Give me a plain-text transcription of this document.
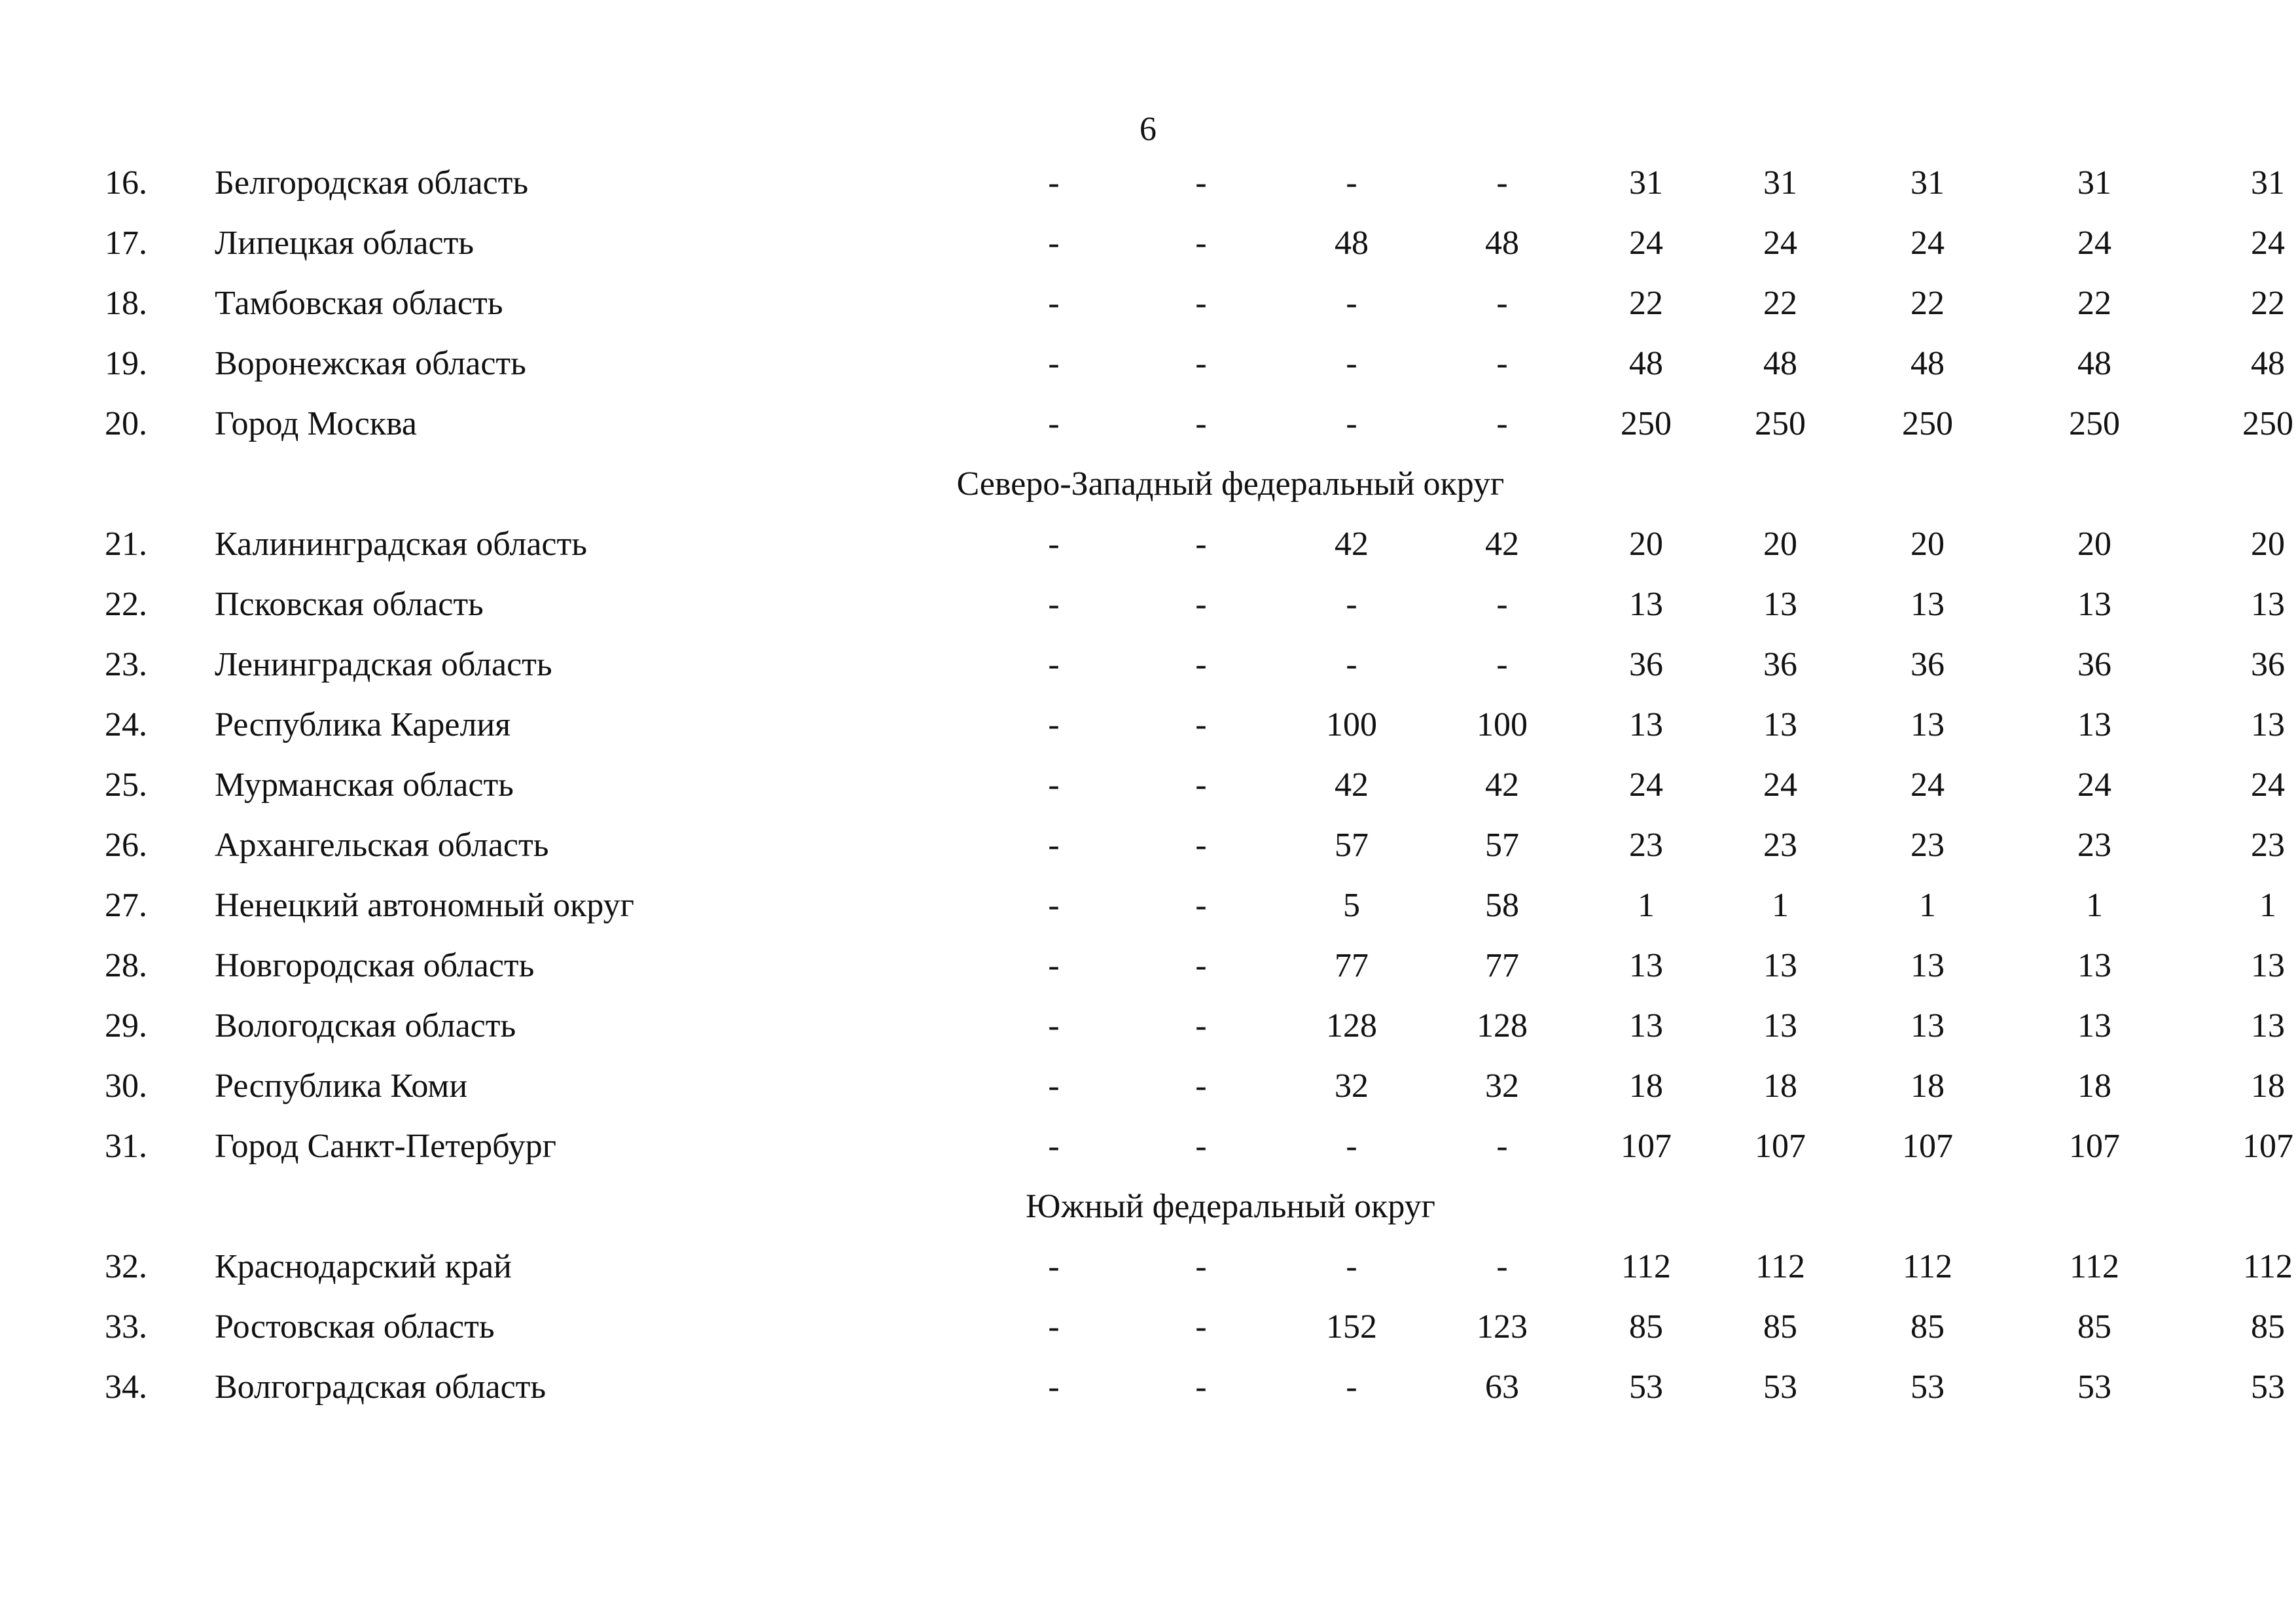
6
16.	Белгородская область	-	-	-	-	31	31	31	31	31
17.	Липецкая область	-	-	48	48	24	24	24	24	24
18.	Тамбовская область	-	-	-	-	22	22	22	22	22
19.	Воронежская область	-	-	-	-	48	48	48	48	48
20.	Город Москва	-	-	-	-	250	250	250	250	250
Северо-Западный федеральный округ										
21.	Калининградская область	-	-	42	42	20	20	20	20	20
22.	Псковская область	-	-	-	-	13	13	13	13	13
23.	Ленинградская область	-	-	-	-	36	36	36	36	36
24.	Республика Карелия	-	-	100	100	13	13	13	13	13
25.	Мурманская область	-	-	42	42	24	24	24	24	24
26.	Архангельская область	-	-	57	57	23	23	23	23	23
27.	Ненецкий автономный округ	-	-	5	58	1	1	1	1	1
28.	Новгородская область	-	-	77	77	13	13	13	13	13
29.	Вологодская область	-	-	128	128	13	13	13	13	13
30.	Республика Коми	-	-	32	32	18	18	18	18	18
31.	Город Санкт-Петербург	-	-	-	-	107	107	107	107	107
Южный федеральный округ										
32.	Краснодарский край	-	-	-	-	112	112	112	112	112
33.	Ростовская область	-	-	152	123	85	85	85	85	85
34.	Волгоградская область	-	-	-	63	53	53	53	53	53
